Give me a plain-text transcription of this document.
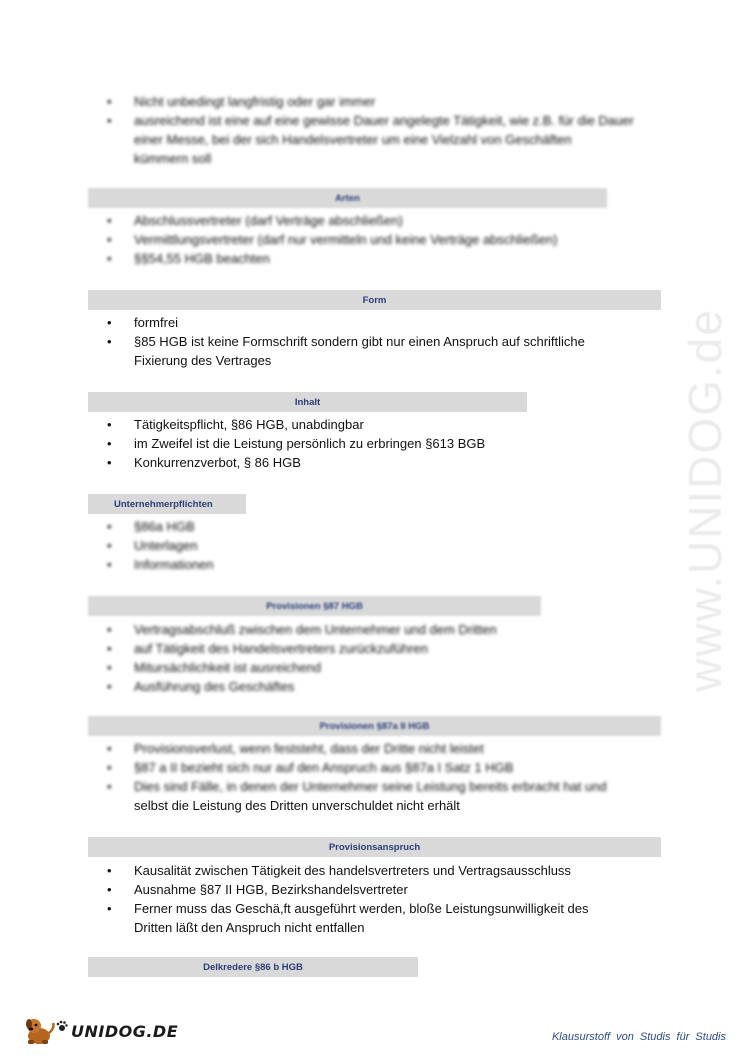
• Nicht unbedingt langfristig oder gar immer
• ausreichend ist eine auf eine gewisse Dauer angelegte Tätigkeit, wie z.B. für die Dauer
einer Messe, bei der sich Handelsvertreter um eine Vielzahl von Geschäften
kümmern soll
Arten
• Abschlussvertreter (darf Verträge abschließen)
• Vermittlungsvertreter (darf nur vermitteln und keine Verträge abschließen)
• §§54,55 HGB beachten
Form
• formfrei
• §85 HGB ist keine Formschrift sondern gibt nur einen Anspruch auf schriftliche
Fixierung des Vertrages
Inhalt
• Tätigkeitspflicht, §86 HGB, unabdingbar
• im Zweifel ist die Leistung persönlich zu erbringen §613 BGB
• Konkurrenzverbot, § 86 HGB
Unternehmerpflichten
• §86a HGB
• Unterlagen
• Informationen
Provisionen §87 HGB
• Vertragsabschluß zwischen dem Unternehmer und dem Dritten
• auf Tätigkeit des Handelsvertreters zurückzuführen
• Mitursächlichkeit ist ausreichend
• Ausführung des Geschäftes
Provisionen §87a II HGB
• Provisionsverlust, wenn feststeht, dass der Dritte nicht leistet
• §87 a II bezieht sich nur auf den Anspruch aus §87a I Satz 1 HGB
• Dies sind Fälle, in denen der Unternehmer seine Leistung bereits erbracht hat und
selbst die Leistung des Dritten unverschuldet nicht erhält
Provisionsanspruch
• Kausalität zwischen Tätigkeit des handelsvertreters und Vertragsausschluss
• Ausnahme §87 II HGB, Bezirkshandelsvertreter
• Ferner muss das Geschä,ft ausgeführt werden, bloße Leistungsunwilligkeit des
Dritten läßt den Anspruch nicht entfallen
Delkredere §86 b HGB
www.UNIDOG.de
UNIDOG.DE	Klausurstoff von Studis für Studis
